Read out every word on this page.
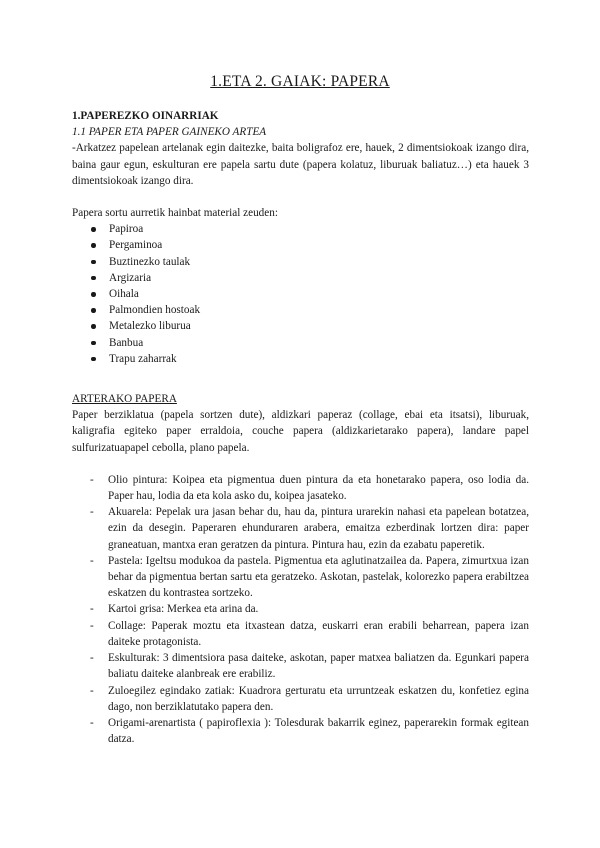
1.ETA 2. GAIAK: PAPERA
1.PAPEREZKO OINARRIAK
1.1 PAPER ETA PAPER GAINEKO ARTEA
-Arkatzez papelean artelanak egin daitezke, baita boligrafoz ere, hauek, 2 dimentsiokoak izango dira, baina gaur egun, eskulturan ere papela sartu dute (papera kolatuz, liburuak baliatuz…) eta hauek 3 dimentsiokoak izango dira.
Papera sortu aurretik hainbat material zeuden:
Papiroa
Pergaminoa
Buztinezko taulak
Argizaria
Oihala
Palmondien hostoak
Metalezko liburua
Banbua
Trapu zaharrak
ARTERAKO PAPERA
Paper berziklatua (papela sortzen dute), aldizkari paperaz (collage, ebai eta itsatsi), liburuak, kaligrafia egiteko paper erraldoia, couche papera (aldizkarietarako papera), landare papel sulfurizatuapapel cebolla, plano papela.
- Olio pintura: Koipea eta pigmentua duen pintura da eta honetarako papera, oso lodia da. Paper hau, lodia da eta kola asko du, koipea jasateko.
- Akuarela: Pepelak ura jasan behar du, hau da, pintura urarekin nahasi eta papelean botatzea, ezin da desegin. Paperaren ehunduraren arabera, emaitza ezberdinak lortzen dira: paper graneatuan, mantxa eran geratzen da pintura. Pintura hau, ezin da ezabatu paperetik.
- Pastela: Igeltsu modukoa da pastela. Pigmentua eta aglutinatzailea da. Papera, zimurtxua izan behar da pigmentua bertan sartu eta geratzeko. Askotan, pastelak, kolorezko papera erabiltzea eskatzen du kontrastea sortzeko.
- Kartoi grisa: Merkea eta arina da.
- Collage: Paperak moztu eta itxastean datza, euskarri eran erabili beharrean, papera izan daiteke protagonista.
- Eskulturak: 3 dimentsiora pasa daiteke, askotan, paper matxea baliatzen da. Egunkari papera baliatu daiteke alanbreak ere erabiliz.
- Zuloegilez egindako zatiak: Kuadrora gerturatu eta urruntzeak eskatzen du, konfetiez egina dago, non berziklatutako papera den.
- Origami-arenartista ( papiroflexia ): Tolesdurak bakarrik eginez, paperarekin formak egitean datza.
